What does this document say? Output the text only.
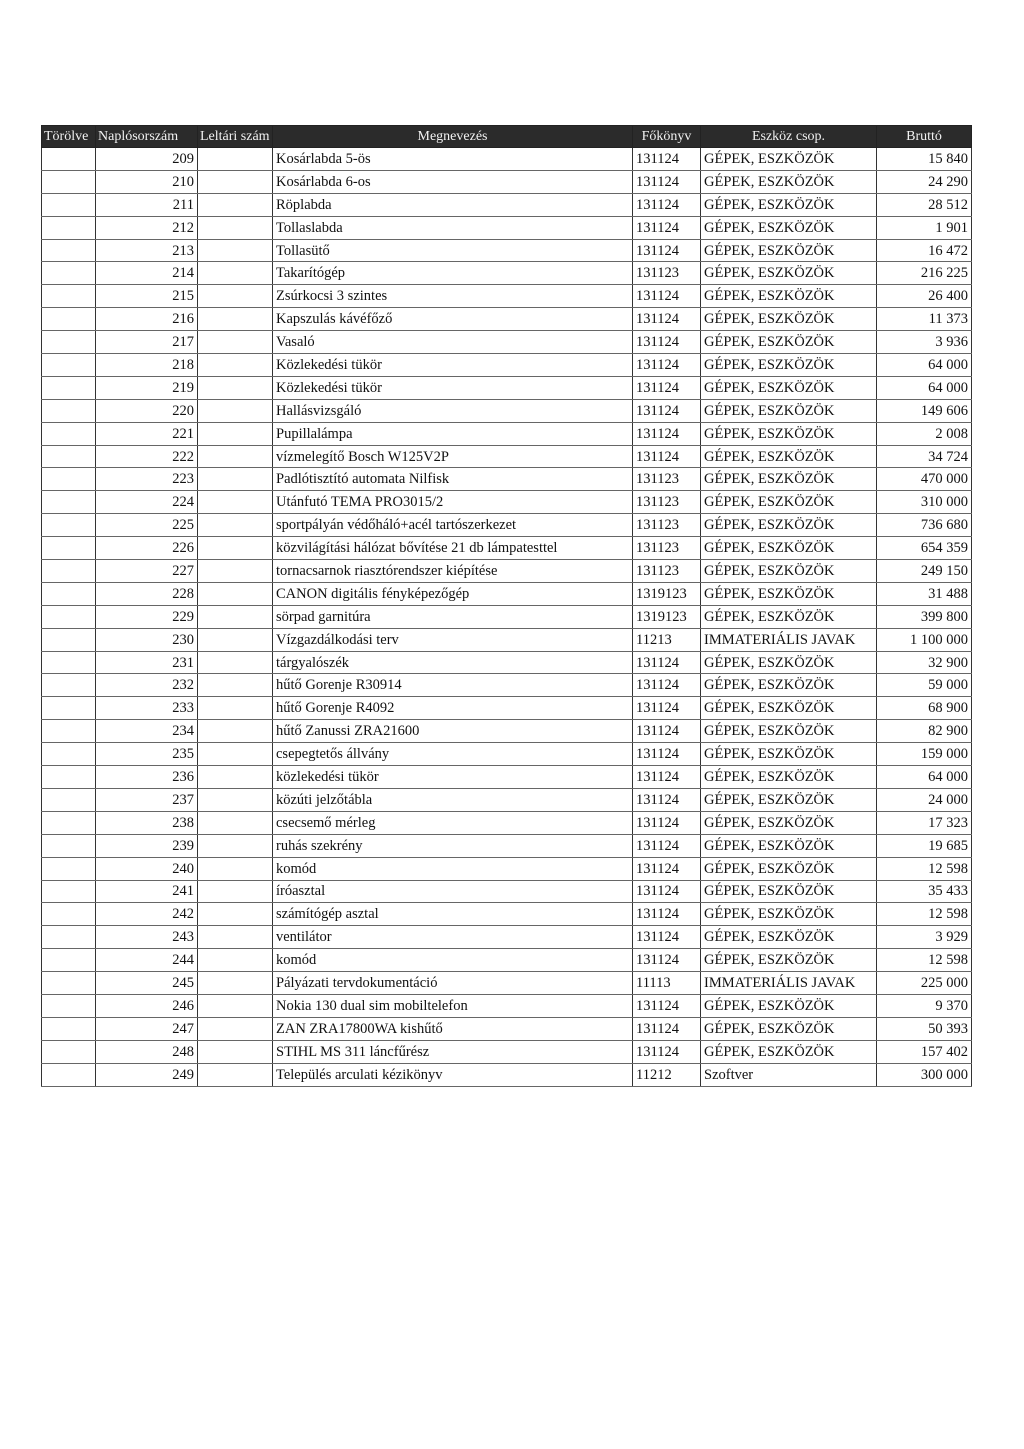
Törölve	Naplósorszám	Leltári szám	Megnevezés	Főkönyv	Eszköz csop.	Bruttó
	209		Kosárlabda 5-ös	131124	GÉPEK, ESZKÖZÖK	15 840
	210		Kosárlabda 6-os	131124	GÉPEK, ESZKÖZÖK	24 290
	211		Röplabda	131124	GÉPEK, ESZKÖZÖK	28 512
	212		Tollaslabda	131124	GÉPEK, ESZKÖZÖK	1 901
	213		Tollasütő	131124	GÉPEK, ESZKÖZÖK	16 472
	214		Takarítógép	131123	GÉPEK, ESZKÖZÖK	216 225
	215		Zsúrkocsi 3 szintes	131124	GÉPEK, ESZKÖZÖK	26 400
	216		Kapszulás kávéfőző	131124	GÉPEK, ESZKÖZÖK	11 373
	217		Vasaló	131124	GÉPEK, ESZKÖZÖK	3 936
	218		Közlekedési tükör	131124	GÉPEK, ESZKÖZÖK	64 000
	219		Közlekedési tükör	131124	GÉPEK, ESZKÖZÖK	64 000
	220		Hallásvizsgáló	131124	GÉPEK, ESZKÖZÖK	149 606
	221		Pupillalámpa	131124	GÉPEK, ESZKÖZÖK	2 008
	222		vízmelegítő Bosch W125V2P	131124	GÉPEK, ESZKÖZÖK	34 724
	223		Padlótisztító automata Nilfisk	131123	GÉPEK, ESZKÖZÖK	470 000
	224		Utánfutó TEMA PRO3015/2	131123	GÉPEK, ESZKÖZÖK	310 000
	225		sportpályán védőháló+acél tartószerkezet	131123	GÉPEK, ESZKÖZÖK	736 680
	226		közvilágítási hálózat bővítése 21 db lámpatesttel	131123	GÉPEK, ESZKÖZÖK	654 359
	227		tornacsarnok riasztórendszer kiépítése	131123	GÉPEK, ESZKÖZÖK	249 150
	228		CANON digitális fényképezőgép	1319123	GÉPEK, ESZKÖZÖK	31 488
	229		sörpad garnitúra	1319123	GÉPEK, ESZKÖZÖK	399 800
	230		Vízgazdálkodási terv	11213	IMMATERIÁLIS JAVAK	1 100 000
	231		tárgyalószék	131124	GÉPEK, ESZKÖZÖK	32 900
	232		hűtő Gorenje R30914	131124	GÉPEK, ESZKÖZÖK	59 000
	233		hűtő Gorenje R4092	131124	GÉPEK, ESZKÖZÖK	68 900
	234		hűtő Zanussi ZRA21600	131124	GÉPEK, ESZKÖZÖK	82 900
	235		csepegtetős állvány	131124	GÉPEK, ESZKÖZÖK	159 000
	236		közlekedési tükör	131124	GÉPEK, ESZKÖZÖK	64 000
	237		közúti jelzőtábla	131124	GÉPEK, ESZKÖZÖK	24 000
	238		csecsemő mérleg	131124	GÉPEK, ESZKÖZÖK	17 323
	239		ruhás szekrény	131124	GÉPEK, ESZKÖZÖK	19 685
	240		komód	131124	GÉPEK, ESZKÖZÖK	12 598
	241		íróasztal	131124	GÉPEK, ESZKÖZÖK	35 433
	242		számítógép asztal	131124	GÉPEK, ESZKÖZÖK	12 598
	243		ventilátor	131124	GÉPEK, ESZKÖZÖK	3 929
	244		komód	131124	GÉPEK, ESZKÖZÖK	12 598
	245		Pályázati tervdokumentáció	11113	IMMATERIÁLIS JAVAK	225 000
	246		Nokia 130 dual sim mobiltelefon	131124	GÉPEK, ESZKÖZÖK	9 370
	247		ZAN ZRA17800WA kishűtő	131124	GÉPEK, ESZKÖZÖK	50 393
	248		STIHL MS 311 láncfűrész	131124	GÉPEK, ESZKÖZÖK	157 402
	249		Település arculati kézikönyv	11212	Szoftver	300 000
